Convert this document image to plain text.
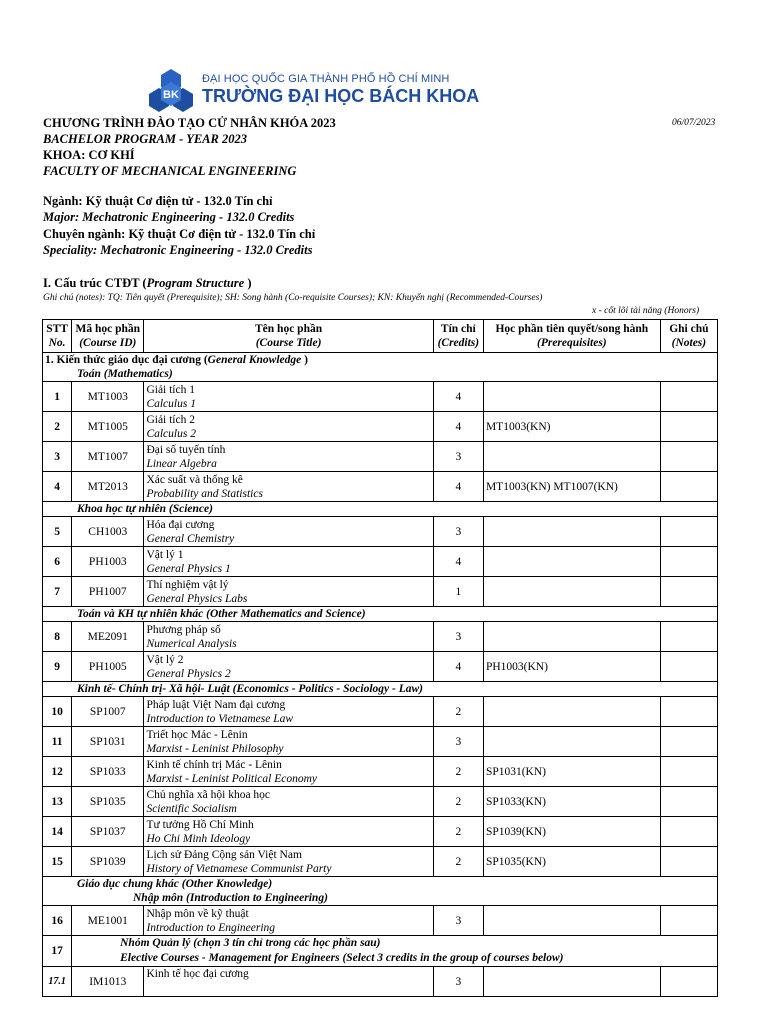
BK
ĐẠI HỌC QUỐC GIA THÀNH PHỐ HỒ CHÍ MINH
TRƯỜNG ĐẠI HỌC BÁCH KHOA
CHƯƠNG TRÌNH ĐÀO TẠO CỬ NHÂN KHÓA 2023
BACHELOR PROGRAM - YEAR 2023
KHOA: CƠ KHÍ
FACULTY OF MECHANICAL ENGINEERING
06/07/2023
Ngành: Kỹ thuật Cơ điện tử - 132.0 Tín chỉ
Major: Mechatronic Engineering - 132.0 Credits
Chuyên ngành: Kỹ thuật Cơ điện tử - 132.0 Tín chỉ
Speciality: Mechatronic Engineering - 132.0 Credits
I. Cấu trúc CTĐT (Program Structure )
Ghi chú (notes): TQ: Tiên quyết (Prerequisite); SH: Song hành (Co-requisite Courses); KN: Khuyến nghị (Recommended-Courses)
x - cốt lõi tài năng (Honors)
STT
No.	Mã học phần
(Course ID)	Tên học phần
(Course Title)	Tín chỉ
(Credits)	Học phần tiên quyết/song hành
(Prerequisites)	Ghi chú
(Notes)

1. Kiến thức giáo dục đại cương (General Knowledge )					
Toán (Mathematics)					
1	MT1003	Giải tích 1
Calculus 1	4		
2	MT1005	Giải tích 2
Calculus 2	4	MT1003(KN)	
3	MT1007	Đại số tuyến tính
Linear Algebra	3		
4	MT2013	Xác suất và thống kê
Probability and Statistics	4	MT1003(KN) MT1007(KN)	
Khoa học tự nhiên (Science)					
5	CH1003	Hóa đại cương
General Chemistry	3		
6	PH1003	Vật lý 1
General Physics 1	4		
7	PH1007	Thí nghiệm vật lý
General Physics Labs	1		
Toán và KH tự nhiên khác (Other Mathematics and Science)					
8	ME2091	Phương pháp số
Numerical Analysis	3		
9	PH1005	Vật lý 2
General Physics 2	4	PH1003(KN)	
Kinh tế- Chính trị- Xã hội- Luật (Economics - Politics - Sociology - Law)					
10	SP1007	Pháp luật Việt Nam đại cương
Introduction to Vietnamese Law	2		
11	SP1031	Triết học Mác - Lênin
Marxist - Leninist Philosophy	3		
12	SP1033	Kinh tế chính trị Mác - Lênin
Marxist - Leninist Political Economy	2	SP1031(KN)	
13	SP1035	Chủ nghĩa xã hội khoa học
Scientific Socialism	2	SP1033(KN)	
14	SP1037	Tư tưởng Hồ Chí Minh
Ho Chi Minh Ideology	2	SP1039(KN)	
15	SP1039	Lịch sử Đảng Cộng sản Việt Nam
History of Vietnamese Communist Party	2	SP1035(KN)	
Giáo dục chung khác (Other Knowledge)					
Nhập môn (Introduction to Engineering)					
16	ME1001	Nhập môn về kỹ thuật
Introduction to Engineering	3		
17	Nhóm Quản lý (chọn 3 tín chỉ trong các học phần sau)
Elective Courses - Management for Engineers (Select 3 credits in the group of courses below)				

17.1	IM1013	Kinh tế học đại cương	3		
